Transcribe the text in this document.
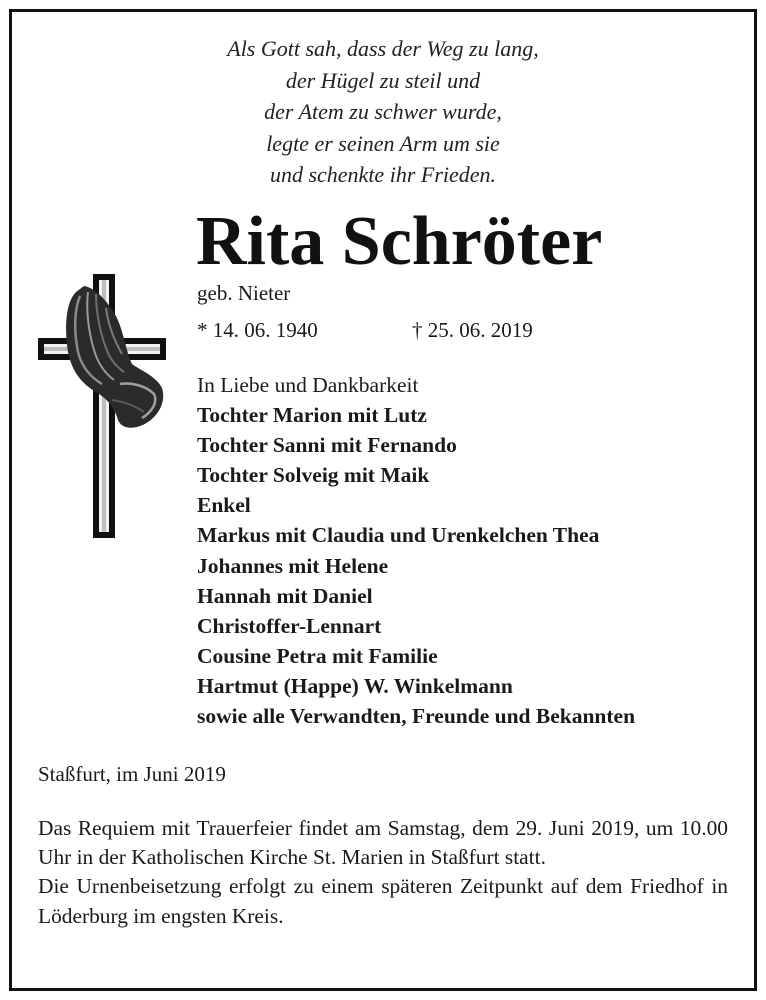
Als Gott sah, dass der Weg zu lang,
der Hügel zu steil und
der Atem zu schwer wurde,
legte er seinen Arm um sie
und schenkte ihr Frieden.
Rita Schröter
geb. Nieter
* 14. 06. 1940	† 25. 06. 2019
In Liebe und Dankbarkeit
Tochter Marion mit Lutz
Tochter Sanni mit Fernando
Tochter Solveig mit Maik
Enkel
Markus mit Claudia und Urenkelchen Thea
Johannes mit Helene
Hannah mit Daniel
Christoffer-Lennart
Cousine Petra mit Familie
Hartmut (Happe) W. Winkelmann
sowie alle Verwandten, Freunde und Bekannten
Staßfurt, im Juni 2019

Das Requiem mit Trauerfeier findet am Samstag, dem 29. Juni 2019, um 10.00 Uhr in der Katholischen Kirche St. Marien in Staßfurt statt.

Die Urnenbeisetzung erfolgt zu einem späteren Zeitpunkt auf dem Friedhof in Löderburg im engsten Kreis.
